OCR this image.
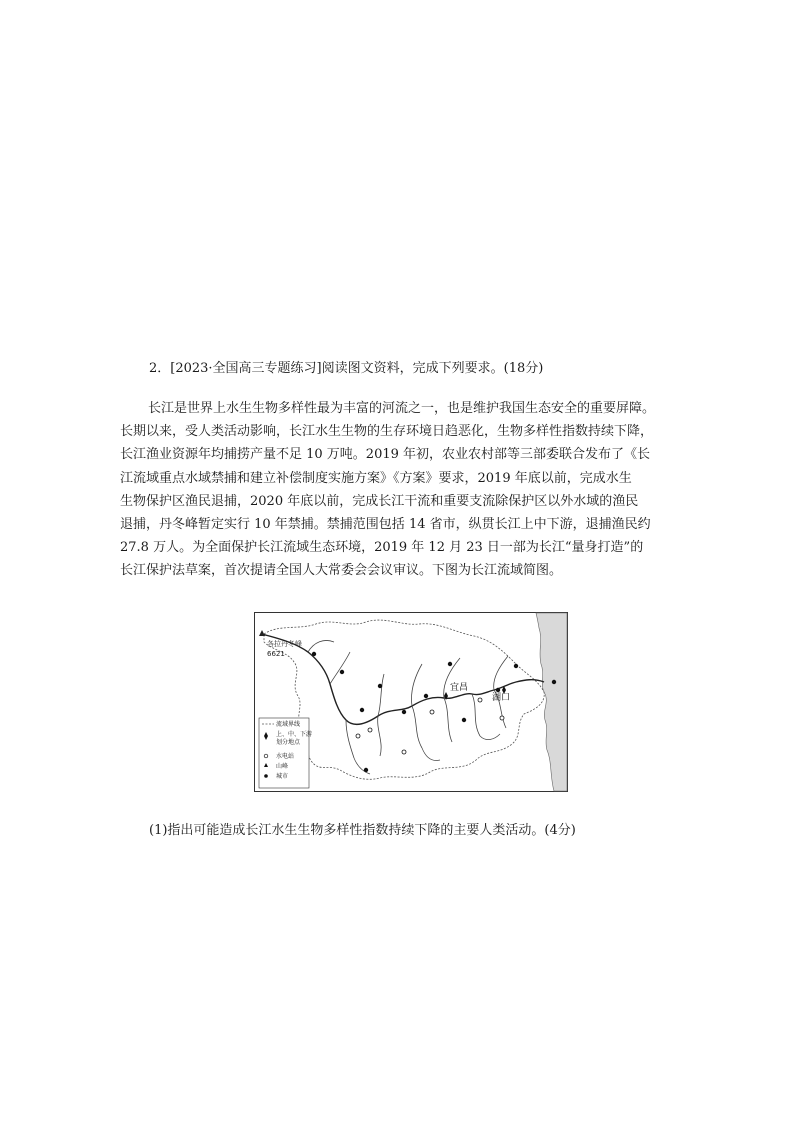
2．[2023·全国高三专题练习]阅读图文资料，完成下列要求。(18分)
长江是世界上水生生物多样性最为丰富的河流之一，也是维护我国生态安全的重要屏障。
长期以来，受人类活动影响，长江水生生物的生存环境日趋恶化，生物多样性指数持续下降，
长江渔业资源年均捕捞产量不足 10 万吨。2019 年初，农业农村部等三部委联合发布了《长
江流域重点水域禁捕和建立补偿制度实施方案》《方案》要求，2019 年底以前，完成水生
生物保护区渔民退捕，2020 年底以前，完成长江干流和重要支流除保护区以外水域的渔民
退捕，丹冬峰暂定实行 10 年禁捕。禁捕范围包括 14 省市，纵贯长江上中下游，退捕渔民约
27.8 万人。为全面保护长江流域生态环境，2019 年 12 月 23 日一部为长江“量身打造”的
长江保护法草案，首次提请全国人大常委会会议审议。下图为长江流域简图。
各拉丹冬峰
6621
宜昌
湖口
流域界线
上、中、下游
划分地点
水电站
山峰
城市
(1)指出可能造成长江水生生物多样性指数持续下降的主要人类活动。(4分)
